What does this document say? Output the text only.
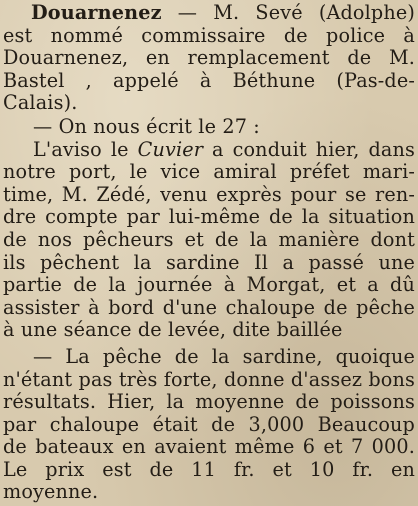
Douarnenez — M. Sevé (Adolphe)
est nommé commissaire de police à
Douarnenez, en remplacement de M.
Bastel , appelé à Béthune (Pas-de-
Calais).
— On nous écrit le 27 :
L'aviso le Cuvier a conduit hier, dans
notre port, le vice amiral préfet mari-
time, M. Zédé, venu exprès pour se ren-
dre compte par lui-même de la situation
de nos pêcheurs et de la manière dont
ils pêchent la sardine Il a passé une
partie de la journée à Morgat, et a dû
assister à bord d'une chaloupe de pêche
à une séance de levée, dite baillée
— La pêche de la sardine, quoique
n'étant pas très forte, donne d'assez bons
résultats. Hier, la moyenne de poissons
par chaloupe était de 3,000 Beaucoup
de bateaux en avaient même 6 et 7 000.
Le prix est de 11 fr. et 10 fr. en
moyenne.
